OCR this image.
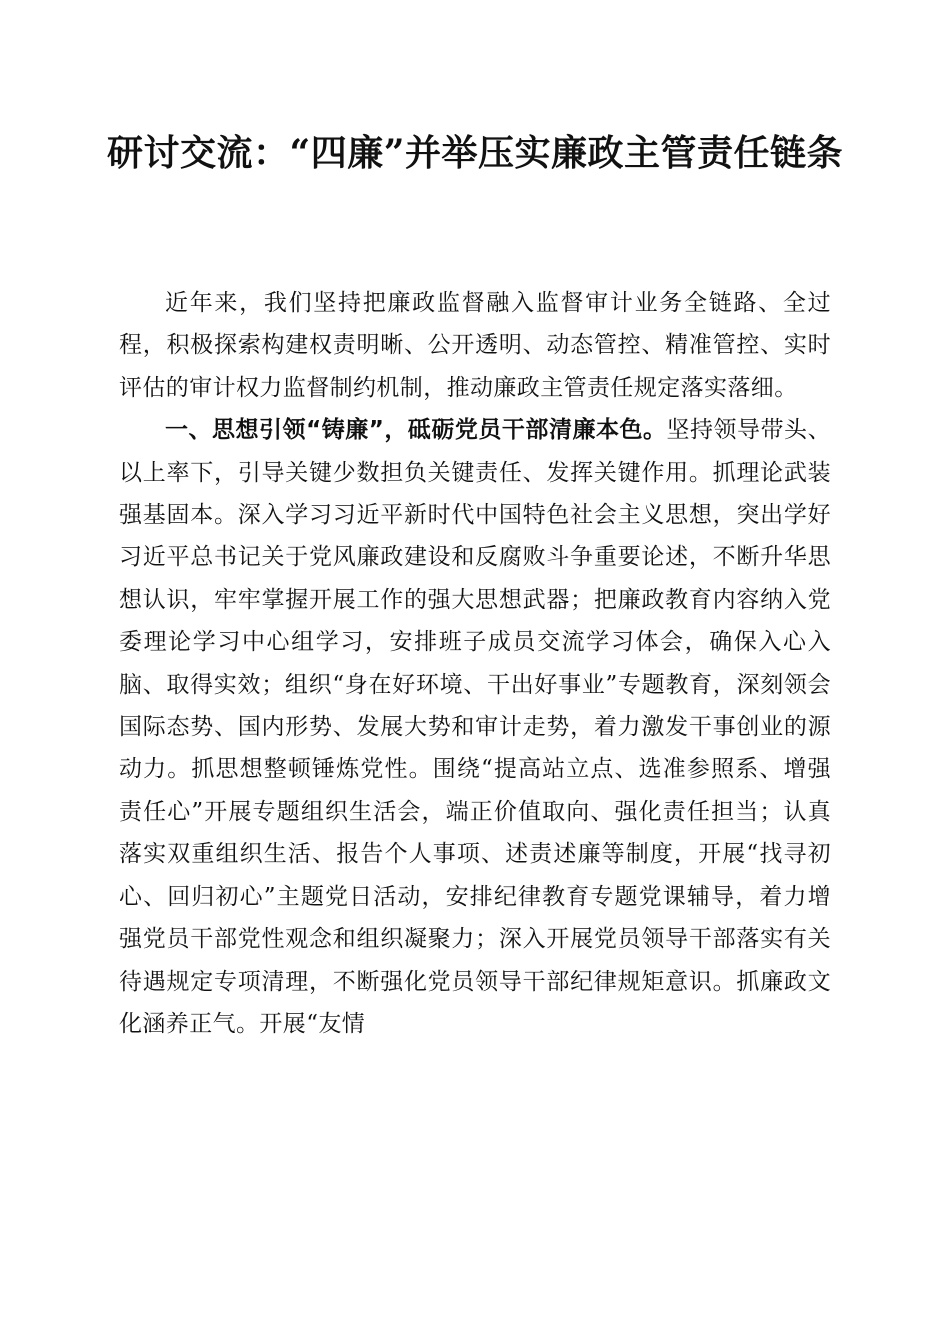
研讨交流：“四廉”并举压实廉政主管责任链条

近年来，我们坚持把廉政监督融入监督审计业务全链路、全过程，积极探索构建权责明晰、公开透明、动态管控、精准管控、实时评估的审计权力监督制约机制，推动廉政主管责任规定落实落细。

一、思想引领“铸廉”，砥砺党员干部清廉本色。坚持领导带头、以上率下，引导关键少数担负关键责任、发挥关键作用。抓理论武装强基固本。深入学习习近平新时代中国特色社会主义思想，突出学好习近平总书记关于党风廉政建设和反腐败斗争重要论述，不断升华思想认识，牢牢掌握开展工作的强大思想武器；把廉政教育内容纳入党委理论学习中心组学习，安排班子成员交流学习体会，确保入心入脑、取得实效；组织“身在好环境、干出好事业”专题教育，深刻领会国际态势、国内形势、发展大势和审计走势，着力激发干事创业的源动力。抓思想整顿锤炼党性。围绕“提高站立点、选准参照系、增强责任心”开展专题组织生活会，端正价值取向、强化责任担当；认真落实双重组织生活、报告个人事项、述责述廉等制度，开展“找寻初心、回归初心”主题党日活动，安排纪律教育专题党课辅导，着力增强党员干部党性观念和组织凝聚力；深入开展党员领导干部落实有关待遇规定专项清理，不断强化党员领导干部纪律规矩意识。抓廉政文化涵养正气。开展“友情
